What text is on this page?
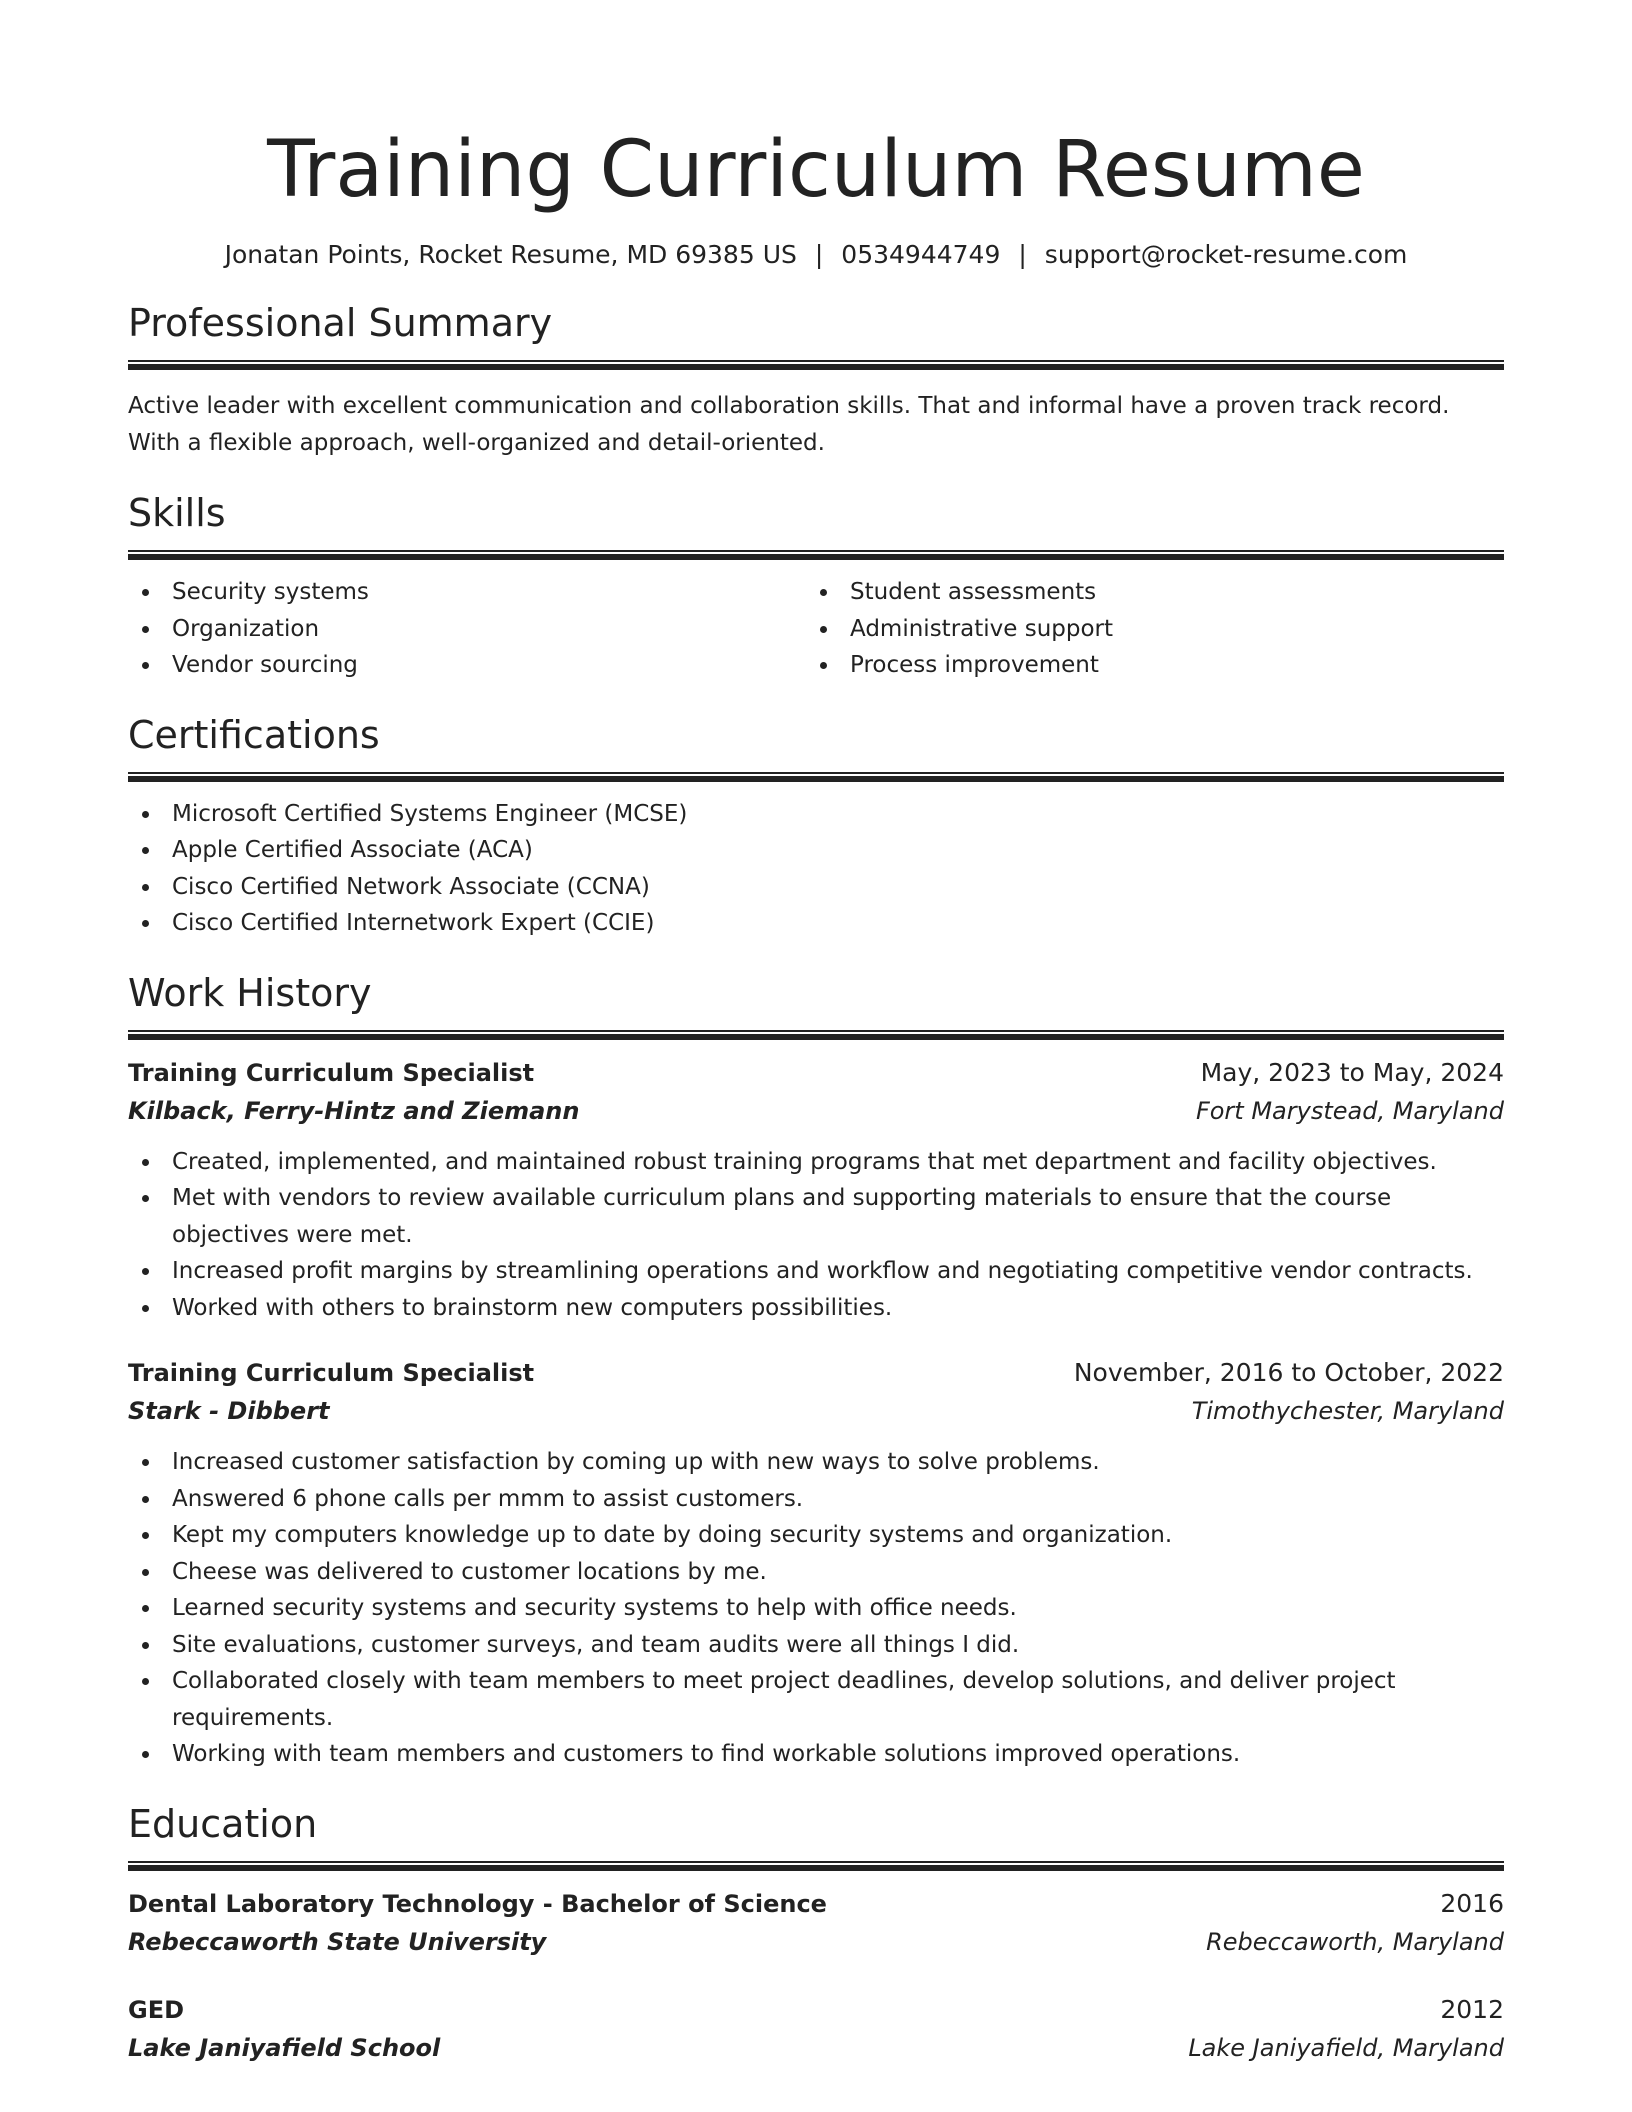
Training Curriculum Resume
Jonatan Points, Rocket Resume, MD 69385 US | 0534944749 | support@rocket-resume.com
Professional Summary

Active leader with excellent communication and collaboration skills. That and informal have a proven track record. With a flexible approach, well-organized and detail-oriented.

Skills
Security systems
Organization
Vendor sourcing
Student assessments
Administrative support
Process improvement
Certifications
Microsoft Certified Systems Engineer (MCSE)
Apple Certified Associate (ACA)
Cisco Certified Network Associate (CCNA)
Cisco Certified Internetwork Expert (CCIE)
Work History
Training Curriculum Specialist	May, 2023 to May, 2024
Kilback, Ferry-Hintz and Ziemann	Fort Marystead, Maryland
Created, implemented, and maintained robust training programs that met department and facility objectives.
Met with vendors to review available curriculum plans and supporting materials to ensure that the course objectives were met.
Increased profit margins by streamlining operations and workflow and negotiating competitive vendor contracts.
Worked with others to brainstorm new computers possibilities.
Training Curriculum Specialist	November, 2016 to October, 2022
Stark - Dibbert	Timothychester, Maryland
Increased customer satisfaction by coming up with new ways to solve problems.
Answered 6 phone calls per mmm to assist customers.
Kept my computers knowledge up to date by doing security systems and organization.
Cheese was delivered to customer locations by me.
Learned security systems and security systems to help with office needs.
Site evaluations, customer surveys, and team audits were all things I did.
Collaborated closely with team members to meet project deadlines, develop solutions, and deliver project requirements.
Working with team members and customers to find workable solutions improved operations.
Education
Dental Laboratory Technology - Bachelor of Science	2016
Rebeccaworth State University	Rebeccaworth, Maryland
GED	2012
Lake Janiyafield School	Lake Janiyafield, Maryland
